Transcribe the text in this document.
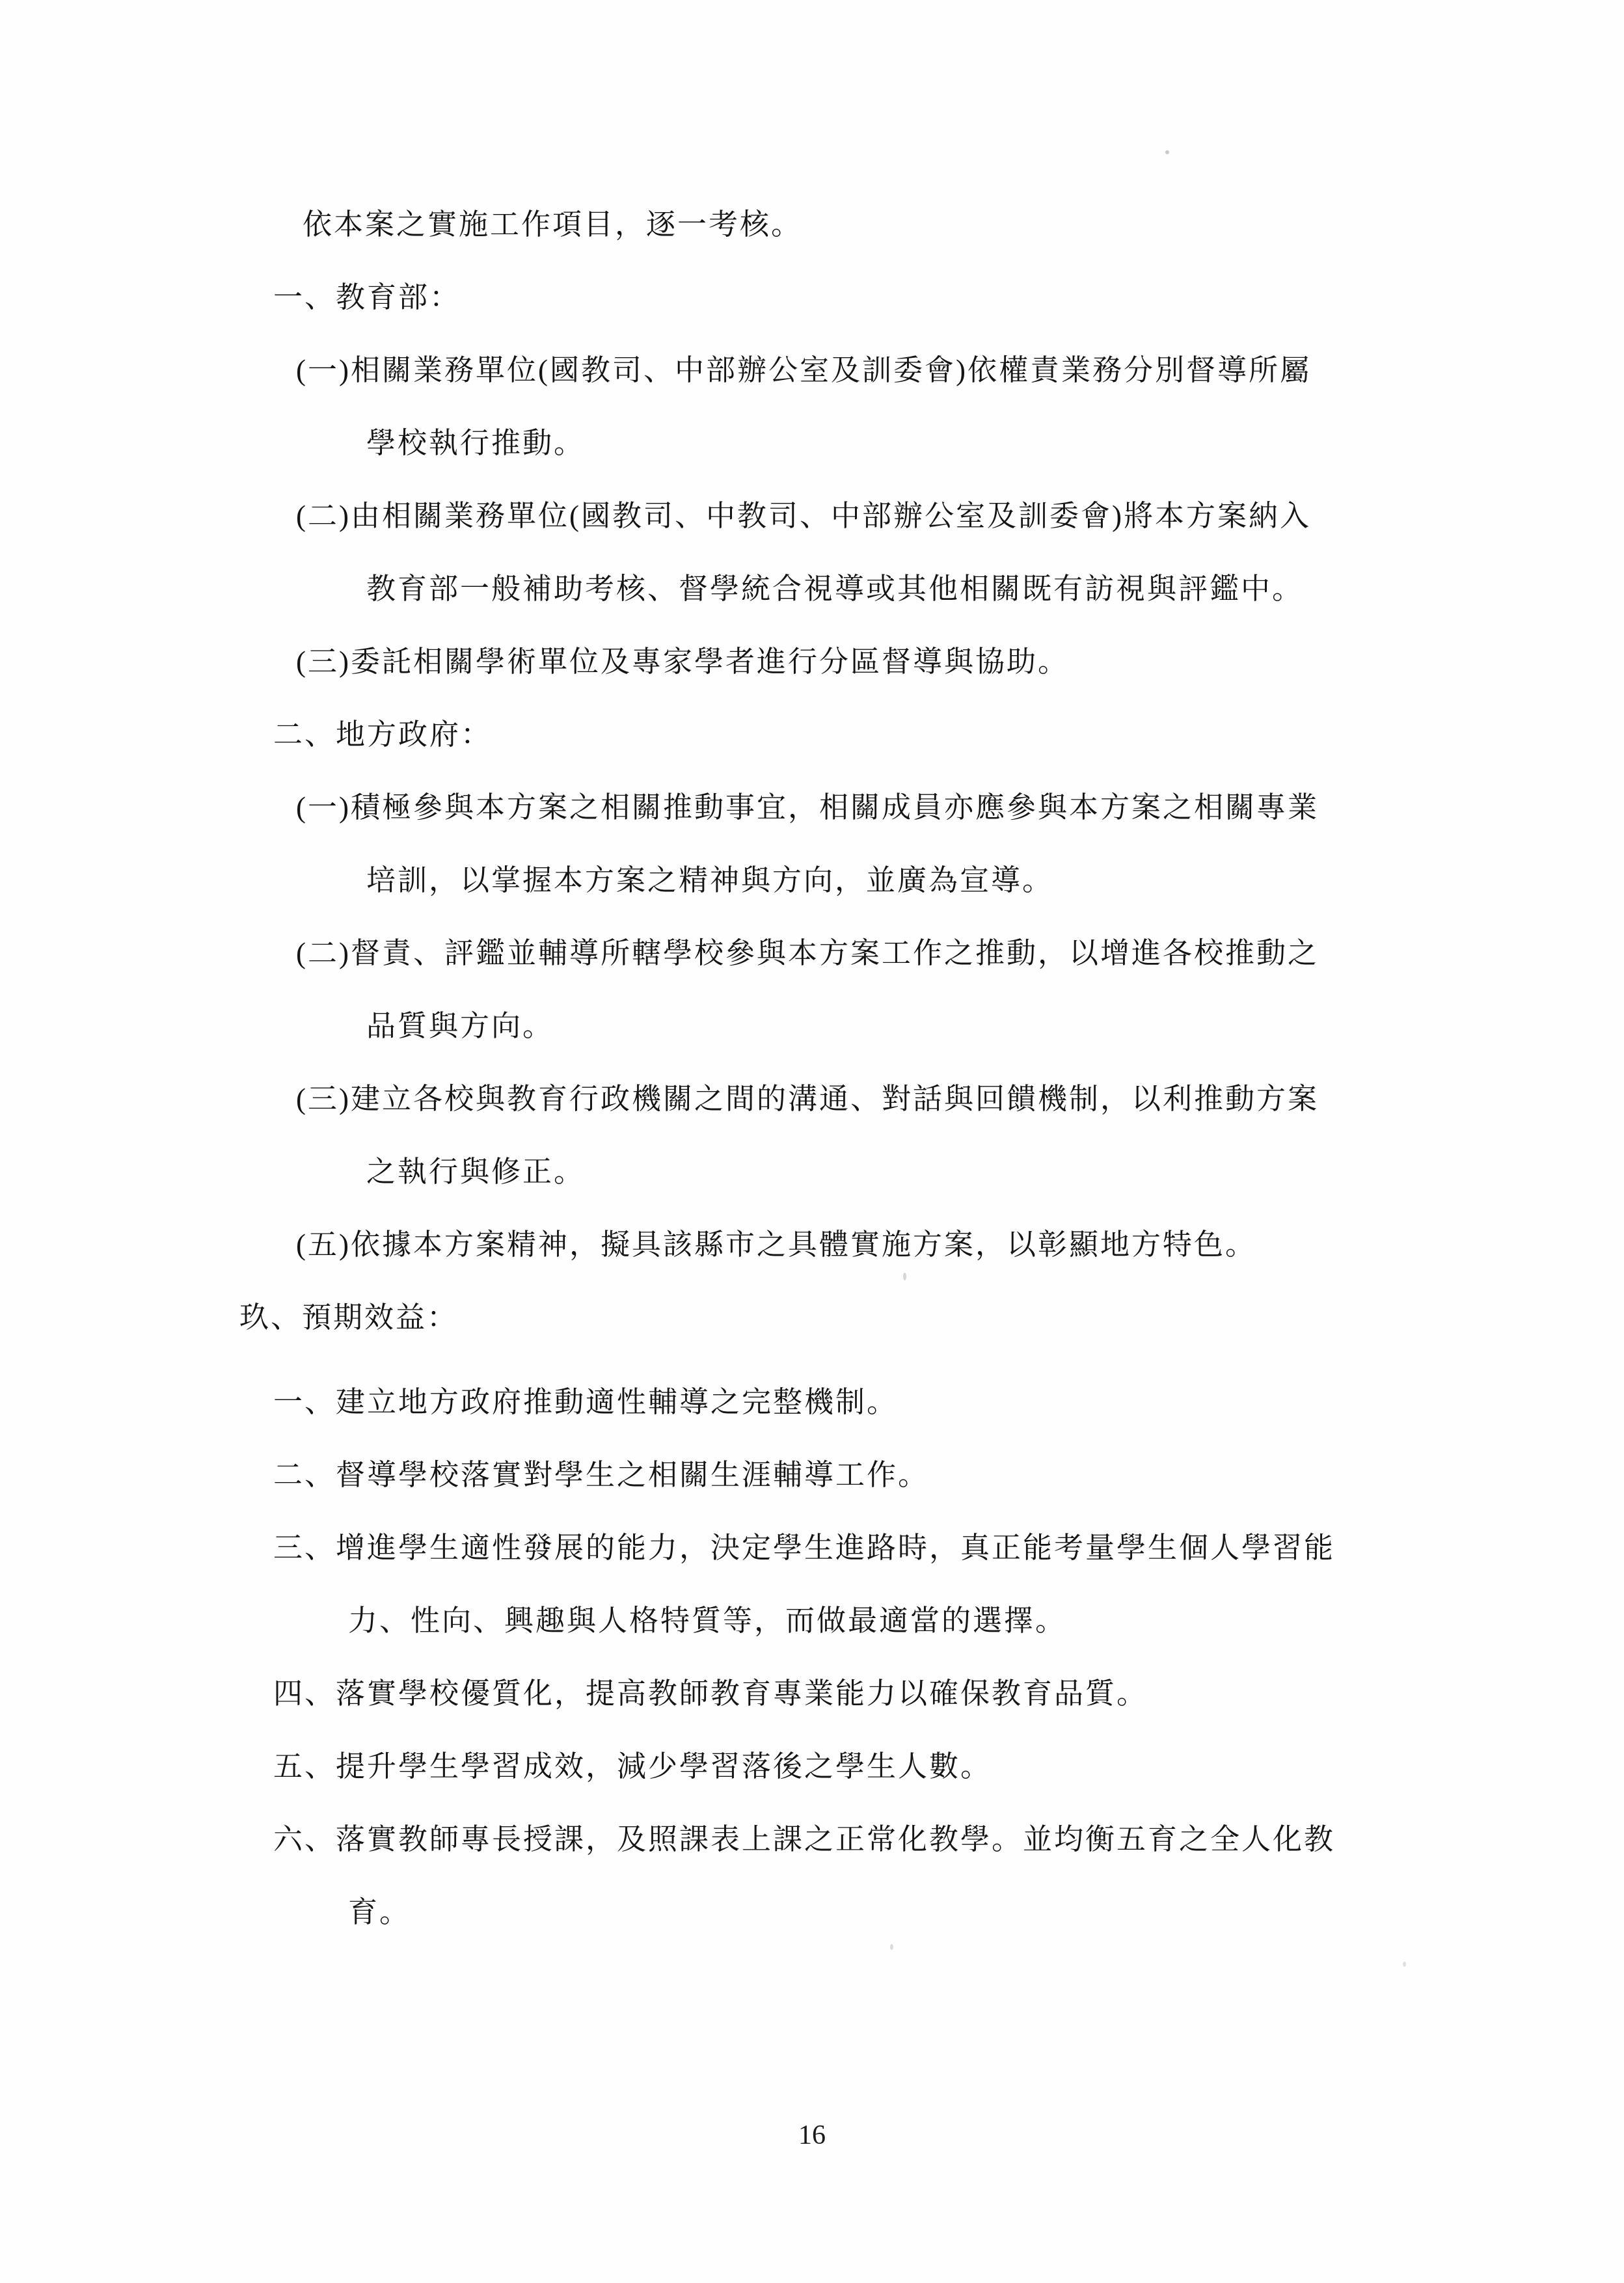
依本案之實施工作項目，逐一考核。
一、教育部：
(一)相關業務單位(國教司、中部辦公室及訓委會)依權責業務分別督導所屬
學校執行推動。
(二)由相關業務單位(國教司、中教司、中部辦公室及訓委會)將本方案納入
教育部一般補助考核、督學統合視導或其他相關既有訪視與評鑑中。
(三)委託相關學術單位及專家學者進行分區督導與協助。
二、地方政府：
(一)積極參與本方案之相關推動事宜，相關成員亦應參與本方案之相關專業
培訓，以掌握本方案之精神與方向，並廣為宣導。
(二)督責、評鑑並輔導所轄學校參與本方案工作之推動，以增進各校推動之
品質與方向。
(三)建立各校與教育行政機關之間的溝通、對話與回饋機制，以利推動方案
之執行與修正。
(五)依據本方案精神，擬具該縣市之具體實施方案，以彰顯地方特色。
玖、預期效益：
一、建立地方政府推動適性輔導之完整機制。
二、督導學校落實對學生之相關生涯輔導工作。
三、增進學生適性發展的能力，決定學生進路時，真正能考量學生個人學習能
力、性向、興趣與人格特質等，而做最適當的選擇。
四、落實學校優質化，提高教師教育專業能力以確保教育品質。
五、提升學生學習成效，減少學習落後之學生人數。
六、落實教師專長授課，及照課表上課之正常化教學。並均衡五育之全人化教
育。
16
